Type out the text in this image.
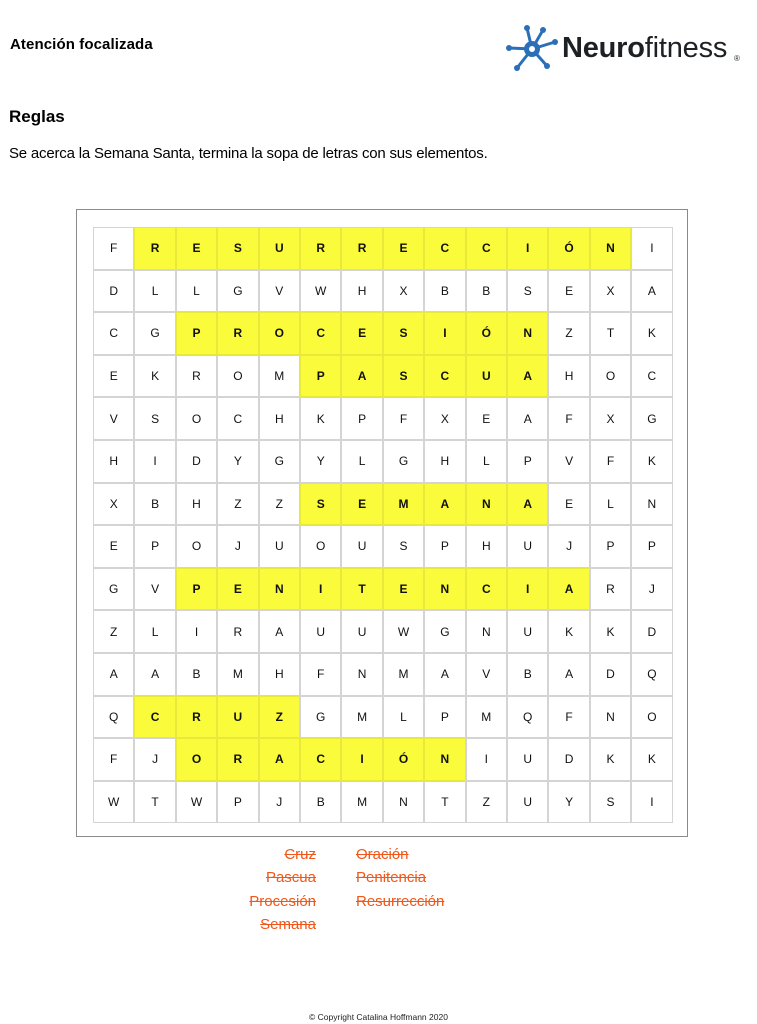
Atención focalizada	Neurofitness ®
Reglas
Se acerca la Semana Santa, termina la sopa de letras con sus elementos.
F	R	E	S	U	R	R	E	C	C	I	Ó	N	I
D	L	L	G	V	W	H	X	B	B	S	E	X	A
C	G	P	R	O	C	E	S	I	Ó	N	Z	T	K
E	K	R	O	M	P	A	S	C	U	A	H	O	C
V	S	O	C	H	K	P	F	X	E	A	F	X	G
H	I	D	Y	G	Y	L	G	H	L	P	V	F	K
X	B	H	Z	Z	S	E	M	A	N	A	E	L	N
E	P	O	J	U	O	U	S	P	H	U	J	P	P
G	V	P	E	N	I	T	E	N	C	I	A	R	J
Z	L	I	R	A	U	U	W	G	N	U	K	K	D
A	A	B	M	H	F	N	M	A	V	B	A	D	Q
Q	C	R	U	Z	G	M	L	P	M	Q	F	N	O
F	J	O	R	A	C	I	Ó	N	I	U	D	K	K
W	T	W	P	J	B	M	N	T	Z	U	Y	S	I
Cruz
Pascua
Procesión
Semana
Oración
Penitencia
Resurrección
© Copyright Catalina Hoffmann 2020
